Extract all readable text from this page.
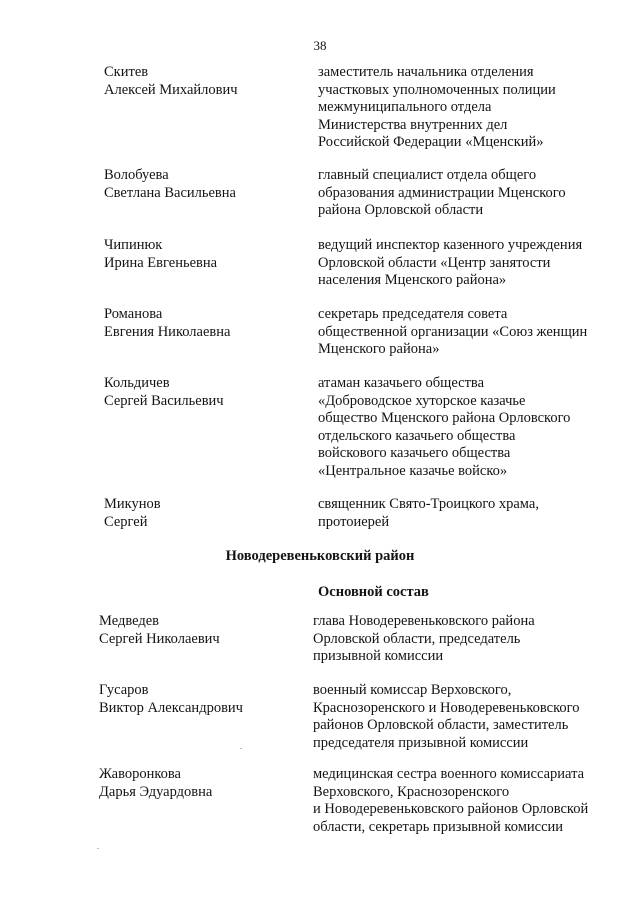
38
Скитев
Алексей Михайлович
заместитель начальника отделения
участковых уполномоченных полиции
межмуниципального отдела
Министерства внутренних дел
Российской Федерации «Мценский»
Волобуева
Светлана Васильевна
главный специалист отдела общего
образования администрации Мценского
района Орловской области
Чипинюк
Ирина Евгеньевна
ведущий инспектор казенного учреждения
Орловской области «Центр занятости
населения Мценского района»
Романова
Евгения Николаевна
секретарь председателя совета
общественной организации «Союз женщин
Мценского района»
Кольдичев
Сергей Васильевич
атаман казачьего общества
«Доброводское хуторское казачье
общество Мценского района Орловского
отдельского казачьего общества
войскового казачьего общества
«Центральное казачье войско»
Микунов
Сергей
священник Свято-Троицкого храма,
протоиерей
Новодеревеньковский район
Основной состав
Медведев
Сергей Николаевич
глава Новодеревеньковского района
Орловской области, председатель
призывной комиссии
Гусаров
Виктор Александрович
военный комиссар Верховского,
Краснозоренского и Новодеревеньковского
районов Орловской области, заместитель
председателя призывной комиссии
Жаворонкова
Дарья Эдуардовна
медицинская сестра военного комиссариата
Верховского, Краснозоренского
и Новодеревеньковского районов Орловской
области, секретарь призывной комиссии
